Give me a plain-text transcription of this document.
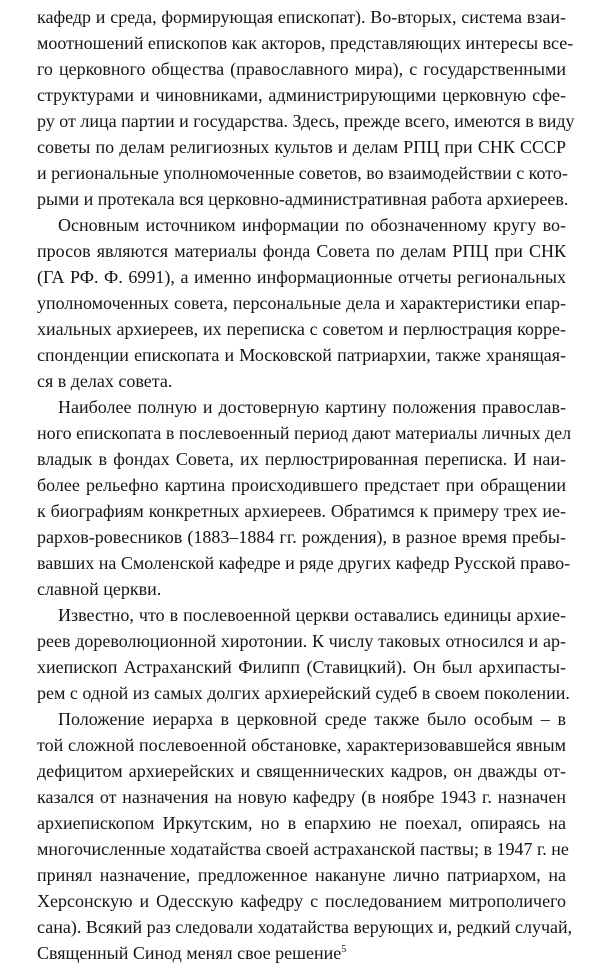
кафедр и среда, формирующая епископат). Во-вторых, система взаи-
моотношений епископов как акторов, представляющих интересы все-
го церковного общества (православного мира), с государственными
структурами и чиновниками, администрирующими церковную сфе-
ру от лица партии и государства. Здесь, прежде всего, имеются в виду
советы по делам религиозных культов и делам РПЦ при СНК СССР
и региональные уполномоченные советов, во взаимодействии с кото-
рыми и протекала вся церковно-административная работа архиереев.
Основным источником информации по обозначенному кругу во-
просов являются материалы фонда Совета по делам РПЦ при СНК
(ГА РФ. Ф. 6991), а именно информационные отчеты региональных
уполномоченных совета, персональные дела и характеристики епар-
хиальных архиереев, их переписка с советом и перлюстрация корре-
спонденции епископата и Московской патриархии, также хранящая-
ся в делах совета.
Наиболее полную и достоверную картину положения православ-
ного епископата в послевоенный период дают материалы личных дел
владык в фондах Совета, их перлюстрированная переписка. И наи-
более рельефно картина происходившего предстает при обращении
к биографиям конкретных архиереев. Обратимся к примеру трех ие-
рархов-ровесников (1883–1884 гг. рождения), в разное время пребы-
вавших на Смоленской кафедре и ряде других кафедр Русской право-
славной церкви.
Известно, что в послевоенной церкви оставались единицы архие-
реев дореволюционной хиротонии. К числу таковых относился и ар-
хиепископ Астраханский Филипп (Ставицкий). Он был архипасты-
рем с одной из самых долгих архиерейский судеб в своем поколении.
Положение иерарха в церковной среде также было особым – в
той сложной послевоенной обстановке, характеризовавшейся явным
дефицитом архиерейских и священнических кадров, он дважды от-
казался от назначения на новую кафедру (в ноябре 1943 г. назначен
архиепископом Иркутским, но в епархию не поехал, опираясь на
многочисленные ходатайства своей астраханской паствы; в 1947 г. не
принял назначение, предложенное накануне лично патриархом, на
Херсонскую и Одесскую кафедру с последованием митрополичего
сана). Всякий раз следовали ходатайства верующих и, редкий случай,
Священный Синод менял свое решение$^5$
